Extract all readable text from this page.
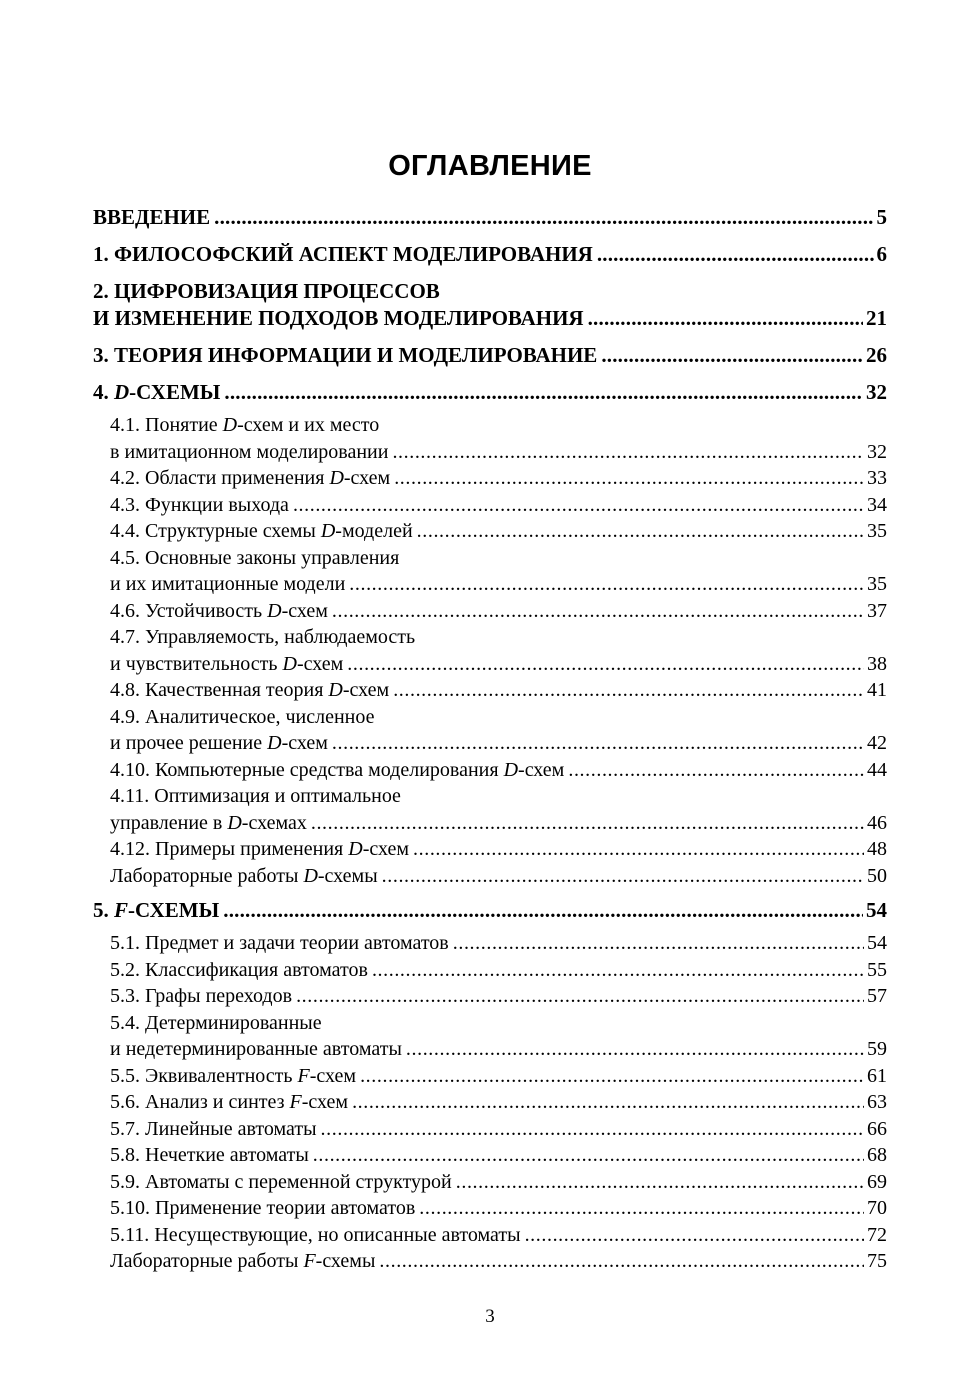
ОГЛАВЛЕНИЕ
ВВЕДЕНИЕ .....	5
1. ФИЛОСОФСКИЙ АСПЕКТ МОДЕЛИРОВАНИЯ .....	6
2. ЦИФРОВИЗАЦИЯ ПРОЦЕССОВ
И ИЗМЕНЕНИЕ ПОДХОДОВ МОДЕЛИРОВАНИЯ .....	21
3. ТЕОРИЯ ИНФОРМАЦИИ И МОДЕЛИРОВАНИЕ .....	26
4. D-СХЕМЫ .....	32
4.1. Понятие D-схем и их место
в имитационном моделировании .....	32
4.2. Области применения D-схем .....	33
4.3. Функции выхода .....	34
4.4. Структурные схемы D-моделей .....	35
4.5. Основные законы управления
и их имитационные модели .....	35
4.6. Устойчивость D-схем .....	37
4.7. Управляемость, наблюдаемость
и чувствительность D-схем .....	38
4.8. Качественная теория D-схем .....	41
4.9. Аналитическое, численное
и прочее решение D-схем .....	42
4.10. Компьютерные средства моделирования D-схем .....	44
4.11. Оптимизация и оптимальное
управление в D-схемах .....	46
4.12. Примеры применения D-схем .....	48
Лабораторные работы D-схемы .....	50
5. F-СХЕМЫ .....	54
5.1. Предмет и задачи теории автоматов .....	54
5.2. Классификация автоматов .....	55
5.3. Графы переходов .....	57
5.4. Детерминированные
и недетерминированные автоматы .....	59
5.5. Эквивалентность F-схем .....	61
5.6. Анализ и синтез F-схем .....	63
5.7. Линейные автоматы .....	66
5.8. Нечеткие автоматы .....	68
5.9. Автоматы с переменной структурой .....	69
5.10. Применение теории автоматов .....	70
5.11. Несуществующие, но описанные автоматы .....	72
Лабораторные работы F-схемы .....	75
3
